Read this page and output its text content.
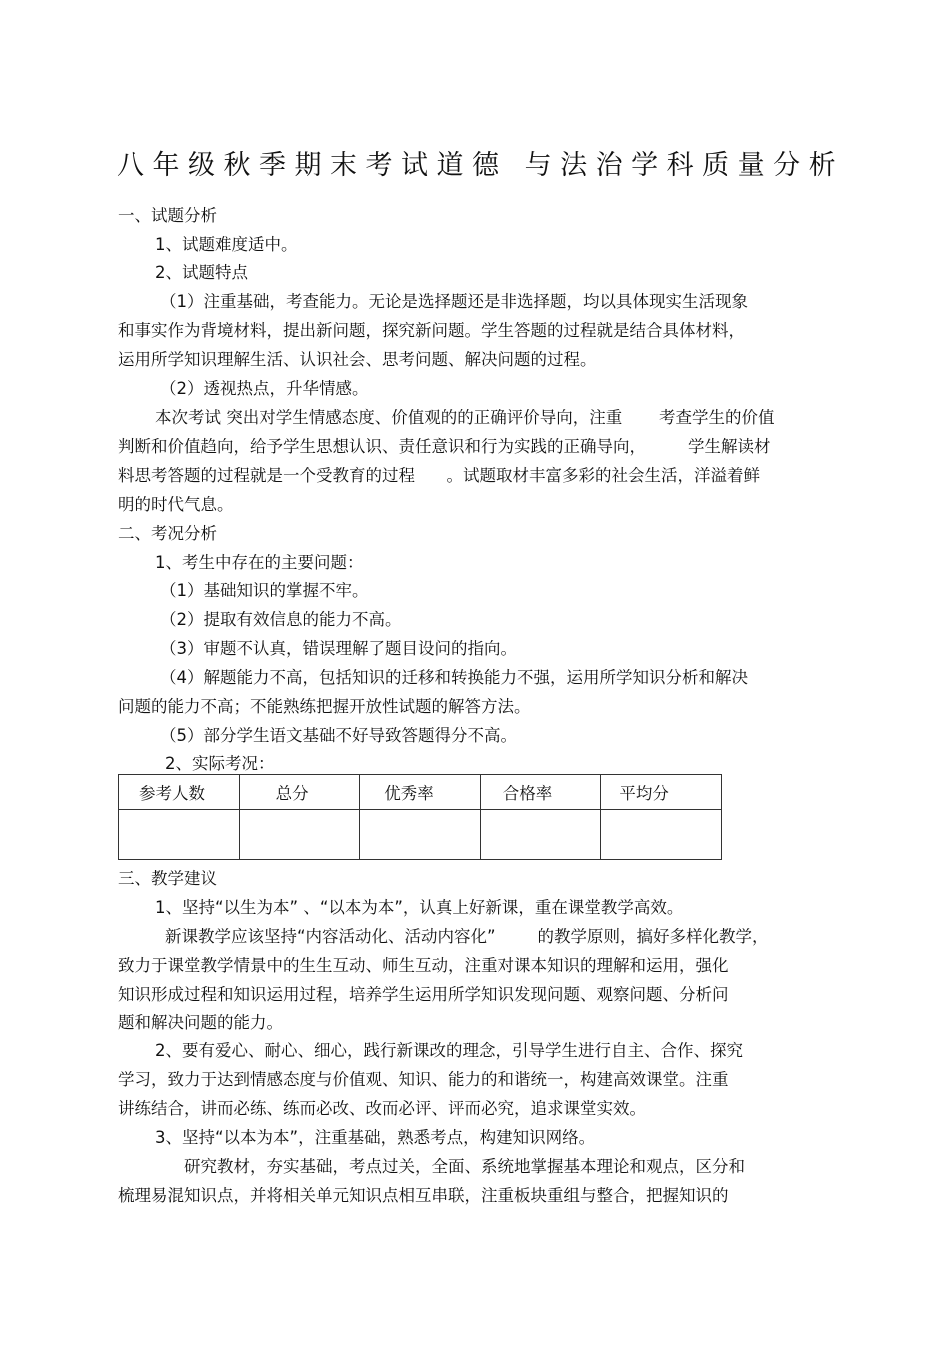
八年级秋季期末考试道德 与法治学科质量分析
一、试题分析
1、试题难度适中。
2、试题特点
（1）注重基础，考查能力。无论是选择题还是非选择题，均以具体现实生活现象
和事实作为背境材料，提出新问题，探究新问题。学生答题的过程就是结合具体材料，
运用所学知识理解生活、认识社会、思考问题、解决问题的过程。
（2）透视热点，升华情感。
本次考试 突出对学生情感态度、价值观的的正确评价导向，注重       考查学生的价值
判断和价值趋向，给予学生思想认识、责任意识和行为实践的正确导向，        学生解读材
料思考答题的过程就是一个受教育的过程      。试题取材丰富多彩的社会生活，洋溢着鲜
明的时代气息。
二、考况分析
1、考生中存在的主要问题：
（1）基础知识的掌握不牢。
（2）提取有效信息的能力不高。
（3）审题不认真，错误理解了题目设问的指向。
（4）解题能力不高，包括知识的迁移和转换能力不强，运用所学知识分析和解决
问题的能力不高；不能熟练把握开放性试题的解答方法。
（5）部分学生语文基础不好导致答题得分不高。
2、实际考况：
参考人数	总分	优秀率	合格率	平均分

三、教学建议
1、坚持“以生为本” 、“以本为本”，认真上好新课，重在课堂教学高效。
新课教学应该坚持“内容活动化、活动内容化”        的教学原则，搞好多样化教学，
致力于课堂教学情景中的生生互动、师生互动，注重对课本知识的理解和运用，强化
知识形成过程和知识运用过程，培养学生运用所学知识发现问题、观察问题、分析问
题和解决问题的能力。
2、要有爱心、耐心、细心，践行新课改的理念，引导学生进行自主、合作、探究
学习，致力于达到情感态度与价值观、知识、能力的和谐统一，构建高效课堂。注重
讲练结合，讲而必练、练而必改、改而必评、评而必究，追求课堂实效。
3、坚持“以本为本”，注重基础，熟悉考点，构建知识网络。
研究教材，夯实基础，考点过关，全面、系统地掌握基本理论和观点，区分和
梳理易混知识点，并将相关单元知识点相互串联，注重板块重组与整合，把握知识的
